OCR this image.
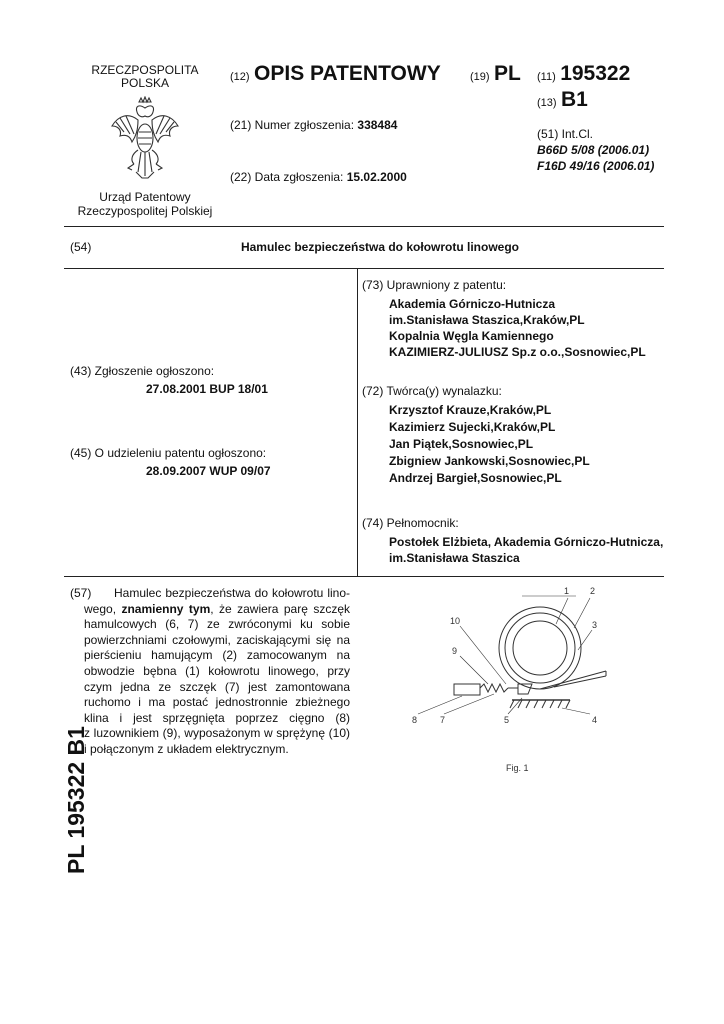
RZECZPOSPOLITA
POLSKA
Urząd Patentowy
Rzeczypospolitej Polskiej
(12) OPIS PATENTOWY	(19) PL (11) 195322
(13) B1
(21) Numer zgłoszenia: 338484
(22) Data zgłoszenia: 15.02.2000
(51) Int.Cl.
B66D 5/08 (2006.01)
F16D 49/16 (2006.01)
(54)	Hamulec bezpieczeństwa do kołowrotu linowego
(43) Zgłoszenie ogłoszono:
27.08.2001 BUP 18/01
(45) O udzieleniu patentu ogłoszono:
28.09.2007 WUP 09/07
(73) Uprawniony z patentu:
Akademia Górniczo-Hutnicza
im.Stanisława Staszica,Kraków,PL
Kopalnia Węgla Kamiennego
KAZIMIERZ-JULIUSZ Sp.z o.o.,Sosnowiec,PL
(72) Twórca(y) wynalazku:
Krzysztof Krauze,Kraków,PL
Kazimierz Sujecki,Kraków,PL
Jan Piątek,Sosnowiec,PL
Zbigniew Jankowski,Sosnowiec,PL
Andrzej Bargieł,Sosnowiec,PL
(74) Pełnomocnik:
Postołek Elżbieta, Akademia Górniczo-Hutnicza,
im.Stanisława Staszica
(57)	Hamulec bezpieczeństwa do kołowrotu lino-
wego, znamienny tym, że zawiera parę szczęk
hamulcowych (6, 7) ze zwróconymi ku sobie
powierzchniami czołowymi, zaciskającymi się na
pierścieniu hamującym (2) zamocowanym na
obwodzie bębna (1) kołowrotu linowego, przy
czym jedna ze szczęk (7) jest zamontowana
ruchomo i ma postać jednostronnie zbieżnego
klina i jest sprzęgnięta poprzez cięgno (8)
z luzownikiem (9), wyposażonym w sprężynę (10)
i połączonym z układem elektrycznym.
1 2
3
10
9
8	7	5	4
Fig. 1
PL 195322 B1
